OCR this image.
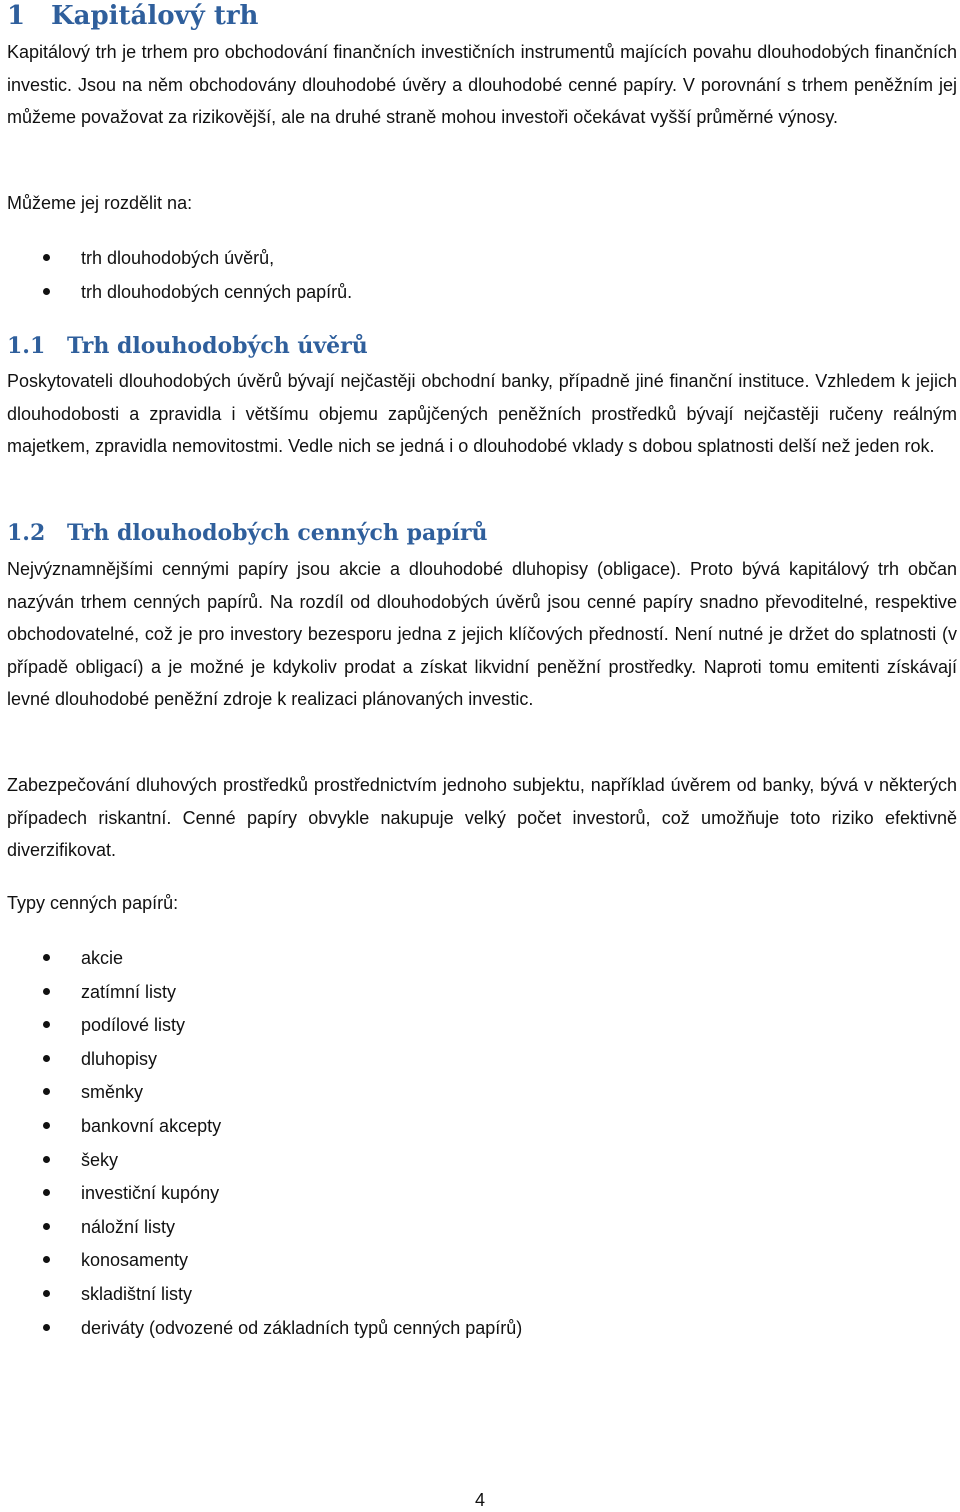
1 Kapitálový trh

Kapitálový trh je trhem pro obchodování finančních investičních instrumentů majících povahu dlouhodobých finančních investic. Jsou na něm obchodovány dlouhodobé úvěry a dlouhodobé cenné papíry. V porovnání s trhem peněžním jej můžeme považovat za rizikovější, ale na druhé straně mohou investoři očekávat vyšší průměrné výnosy.

Můžeme jej rozdělit na:
trh dlouhodobých úvěrů,
trh dlouhodobých cenných papírů.
1.1 Trh dlouhodobých úvěrů

Poskytovateli dlouhodobých úvěrů bývají nejčastěji obchodní banky, případně jiné finanční instituce. Vzhledem k jejich dlouhodobosti a zpravidla i většímu objemu zapůjčených peněžních prostředků bývají nejčastěji ručeny reálným majetkem, zpravidla nemovitostmi. Vedle nich se jedná i o dlouhodobé vklady s dobou splatnosti delší než jeden rok.

1.2 Trh dlouhodobých cenných papírů

Nejvýznamnějšími cennými papíry jsou akcie a dlouhodobé dluhopisy (obligace). Proto bývá kapitálový trh občan nazýván trhem cenných papírů. Na rozdíl od dlouhodobých úvěrů jsou cenné papíry snadno převoditelné, respektive obchodovatelné, což je pro investory bezesporu jedna z jejich klíčových předností. Není nutné je držet do splatnosti (v případě obligací) a je možné je kdykoliv prodat a získat likvidní peněžní prostředky. Naproti tomu emitenti získávají levné dlouhodobé peněžní zdroje k realizaci plánovaných investic.

Zabezpečování dluhových prostředků prostřednictvím jednoho subjektu, například úvěrem od banky, bývá v některých případech riskantní. Cenné papíry obvykle nakupuje velký počet investorů, což umožňuje toto riziko efektivně diverzifikovat.

Typy cenných papírů:
akcie
zatímní listy
podílové listy
dluhopisy
směnky
bankovní akcepty
šeky
investiční kupóny
náložní listy
konosamenty
skladištní listy
deriváty (odvozené od základních typů cenných papírů)
4
